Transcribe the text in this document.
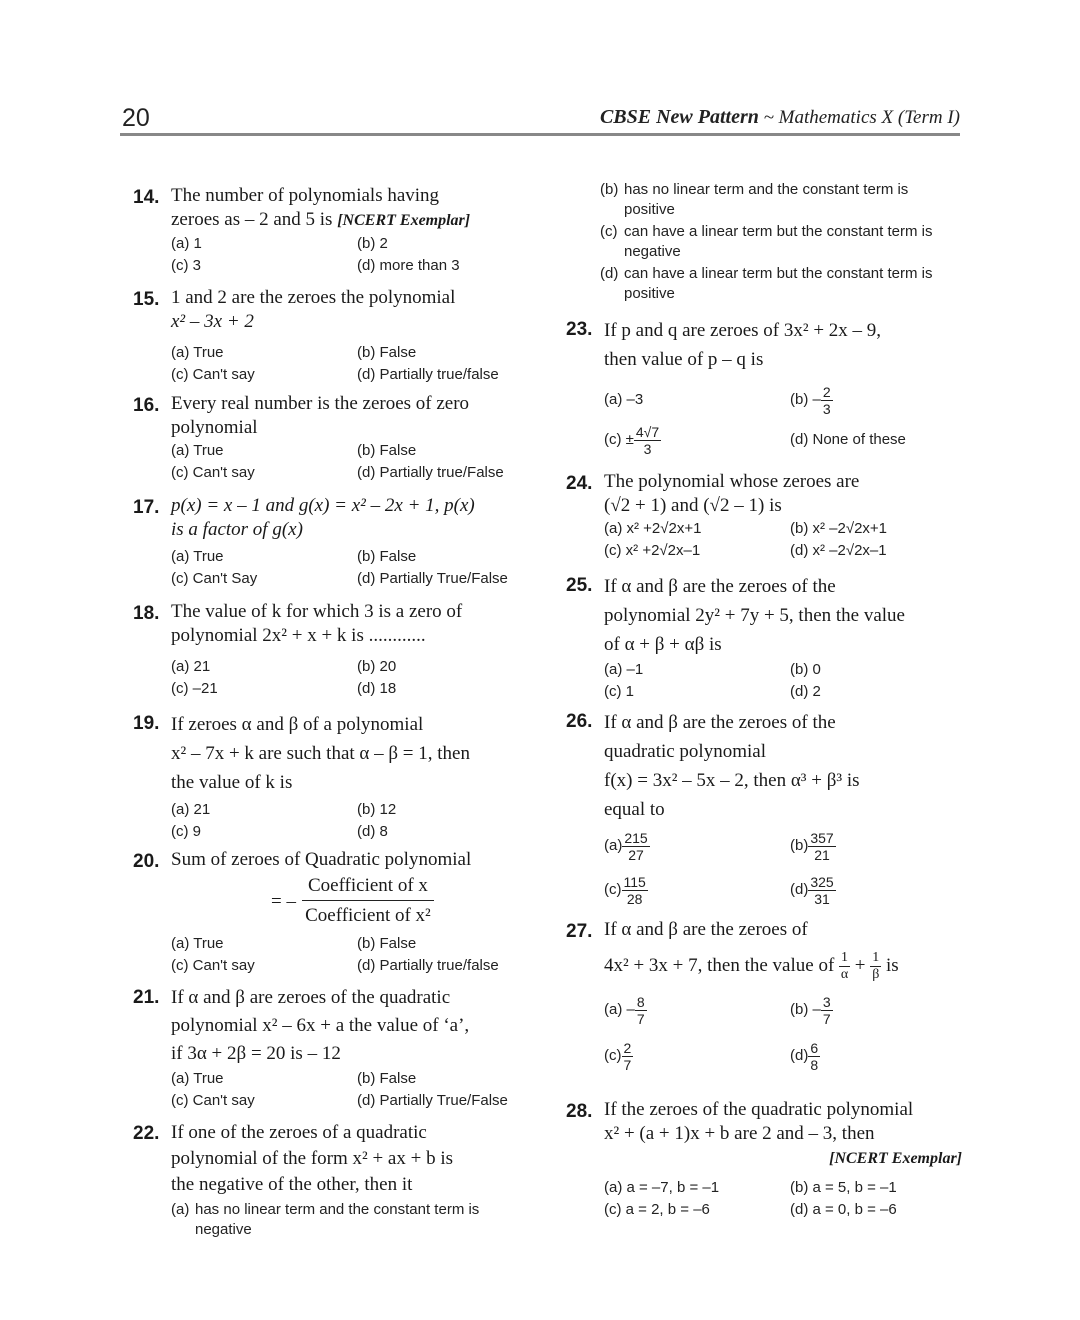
20	CBSE New Pattern ~ Mathematics X (Term I)
14. The number of polynomials having
zeroes as – 2 and 5 is [NCERT Exemplar]
(a) 1	(b) 2
(c) 3	(d) more than 3
15. 1 and 2 are the zeroes the polynomial
x² – 3x + 2
(a) True	(b) False
(c) Can't say	(d) Partially true/false
16. Every real number is the zeroes of zero
polynomial
(a) True	(b) False
(c) Can't say	(d) Partially true/False
17. p(x) = x – 1 and g(x) = x² – 2x + 1, p(x)
is a factor of g(x)
(a) True	(b) False
(c) Can't Say	(d) Partially True/False
18. The value of k for which 3 is a zero of
polynomial 2x² + x + k is ............
(a) 21	(b) 20
(c) –21	(d) 18
19. If zeroes α and β of a polynomial
x² – 7x + k are such that α – β = 1, then
the value of k is
(a) 21	(b) 12
(c) 9	(d) 8
20. Sum of zeroes of Quadratic polynomial
= –
Coefficient of x
Coefficient of x²
(a) True	(b) False
(c) Can't say	(d) Partially true/false
21. If α and β are zeroes of the quadratic
polynomial x² – 6x + a the value of ‘a’,
if 3α + 2β = 20 is – 12
(a) True	(b) False
(c) Can't say	(d) Partially True/False
22. If one of the zeroes of a quadratic
polynomial of the form x² + ax + b is
the negative of the other, then it
(a) has no linear term and the constant term is negative
(b) has no linear term and the constant term is positive
(c) can have a linear term but the constant term is negative
(d) can have a linear term but the constant term is positive
23. If p and q are zeroes of 3x² + 2x – 9,
then value of p – q is
(a) –3	$(b) - \frac{2}{3}$
$(c) \pm \frac{4√7}{3}$	(d) None of these
24. The polynomial whose zeroes are
(√2 + 1) and (√2 – 1) is
(a) x² +2√2x+1	(b) x² –2√2x+1
(c) x² +2√2x–1	(d) x² –2√2x–1
25. If α and β are the zeroes of the
polynomial 2y² + 7y + 5, then the value
of α + β + αβ is
(a) –1	(b) 0
(c) 1	(d) 2
26. If α and β are the zeroes of the
quadratic polynomial
f(x) = 3x² – 5x – 2, then α³ + β³ is
equal to
$(a) \frac{215}{27}$	$(b) \frac{357}{21}$
$(c) \frac{115}{28}$	$(d) \frac{325}{31}$
27. If α and β are the zeroes of
4x² + 3x + 7, then the value of $\frac{1}{\alpha} + \frac{1}{\beta}$ is
$(a) - \frac{8}{7}$	$(b) - \frac{3}{7}$
$(c) \frac{2}{7}$	$(d) \frac{6}{8}$
28. If the zeroes of the quadratic polynomial
x² + (a + 1)x + b are 2 and – 3, then
[NCERT Exemplar]
(a) a = –7, b = –1	(b) a = 5, b = –1
(c) a = 2, b = –6	(d) a = 0, b = –6
